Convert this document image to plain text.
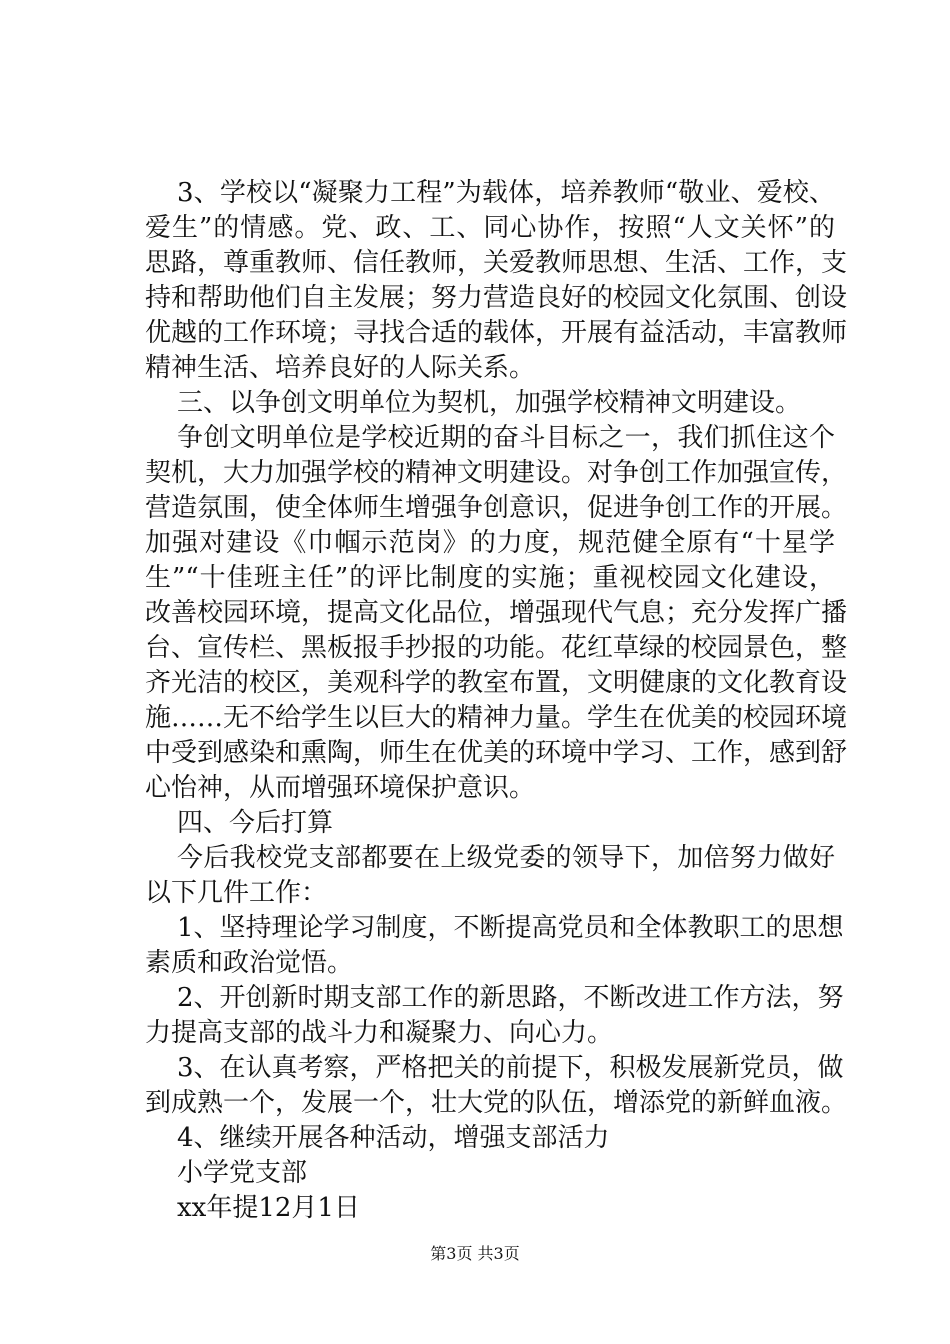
3、学校以“凝聚力工程”为载体，培养教师“敬业、爱校、
爱生”的情感。党、政、工、同心协作，按照“人文关怀”的
思路，尊重教师、信任教师，关爱教师思想、生活、工作，支
持和帮助他们自主发展；努力营造良好的校园文化氛围、创设
优越的工作环境；寻找合适的载体，开展有益活动，丰富教师
精神生活、培养良好的人际关系。
三、以争创文明单位为契机，加强学校精神文明建设。
争创文明单位是学校近期的奋斗目标之一，我们抓住这个
契机，大力加强学校的精神文明建设。对争创工作加强宣传，
营造氛围，使全体师生增强争创意识，促进争创工作的开展。
加强对建设《巾帼示范岗》的力度，规范健全原有“十星学
生”“十佳班主任”的评比制度的实施；重视校园文化建设，
改善校园环境，提高文化品位，增强现代气息；充分发挥广播
台、宣传栏、黑板报手抄报的功能。花红草绿的校园景色，整
齐光洁的校区，美观科学的教室布置，文明健康的文化教育设
施……无不给学生以巨大的精神力量。学生在优美的校园环境
中受到感染和熏陶，师生在优美的环境中学习、工作，感到舒
心怡神，从而增强环境保护意识。
四、今后打算
今后我校党支部都要在上级党委的领导下，加倍努力做好
以下几件工作：
1、坚持理论学习制度，不断提高党员和全体教职工的思想
素质和政治觉悟。
2、开创新时期支部工作的新思路，不断改进工作方法，努
力提高支部的战斗力和凝聚力、向心力。
3、在认真考察，严格把关的前提下，积极发展新党员，做
到成熟一个，发展一个，壮大党的队伍，增添党的新鲜血液。
4、继续开展各种活动，增强支部活力
小学党支部
xx年提12月1日
第3页 共3页
